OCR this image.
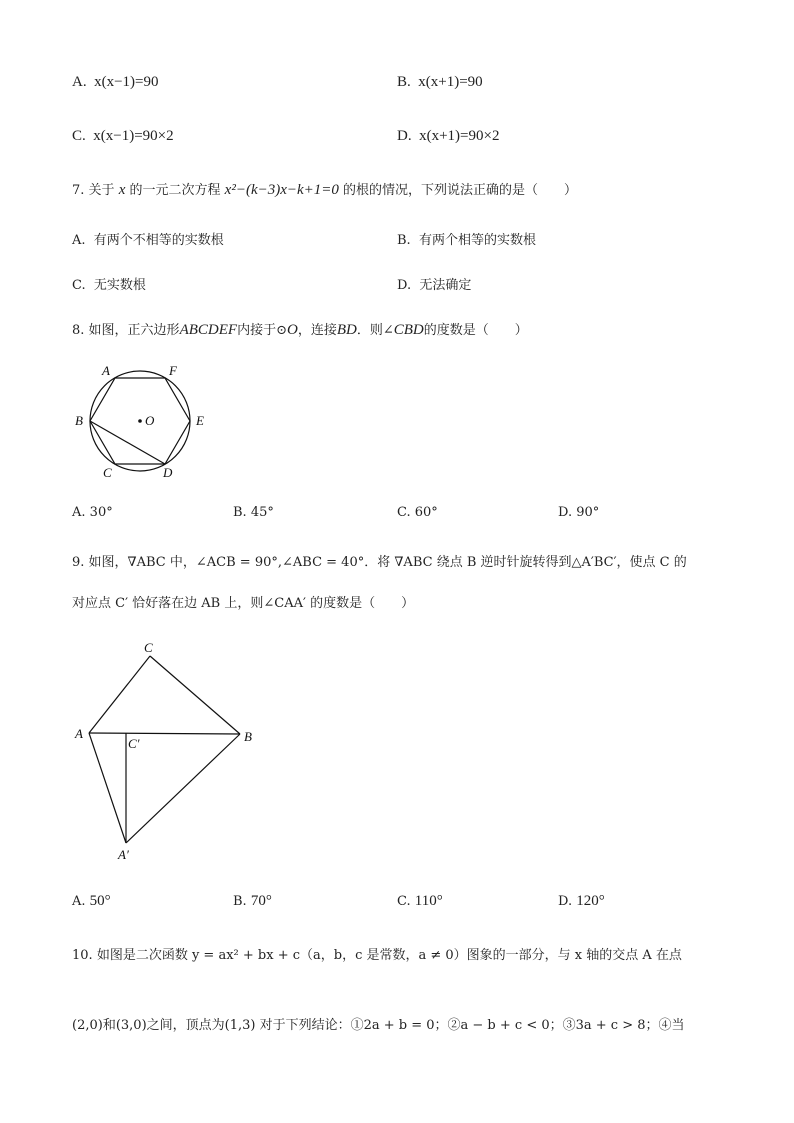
A. x(x−1)=90	B. x(x+1)=90
C. x(x−1)=90×2	D. x(x+1)=90×2
7. 关于 x 的一元二次方程 x²−(k−3)x−k+1=0 的根的情况，下列说法正确的是（　　）
A. 有两个不相等的实数根	B. 有两个相等的实数根
C. 无实数根	D. 无法确定
8. 如图，正六边形ABCDEF内接于⊙O，连接BD．则∠CBD的度数是（　　）
A	F
B	E
C	D
O
A. 30°	B. 45°	C. 60°	D. 90°
9. 如图，∇ABC 中，∠ACB = 90°,∠ABC = 40°．将 ∇ABC 绕点 B 逆时针旋转得到△A′BC′，使点 C 的
对应点 C′ 恰好落在边 AB 上，则∠CAA′ 的度数是（　　）
C
A	B
C′
A′
A. 50°	B. 70°	C. 110°	D. 120°
10. 如图是二次函数 y = ax² + bx + c（a，b，c 是常数，a ≠ 0）图象的一部分，与 x 轴的交点 A 在点
(2,0)和(3,0)之间，顶点为(1,3) 对于下列结论：①2a + b = 0；②a − b + c < 0；③3a + c > 8；④当
